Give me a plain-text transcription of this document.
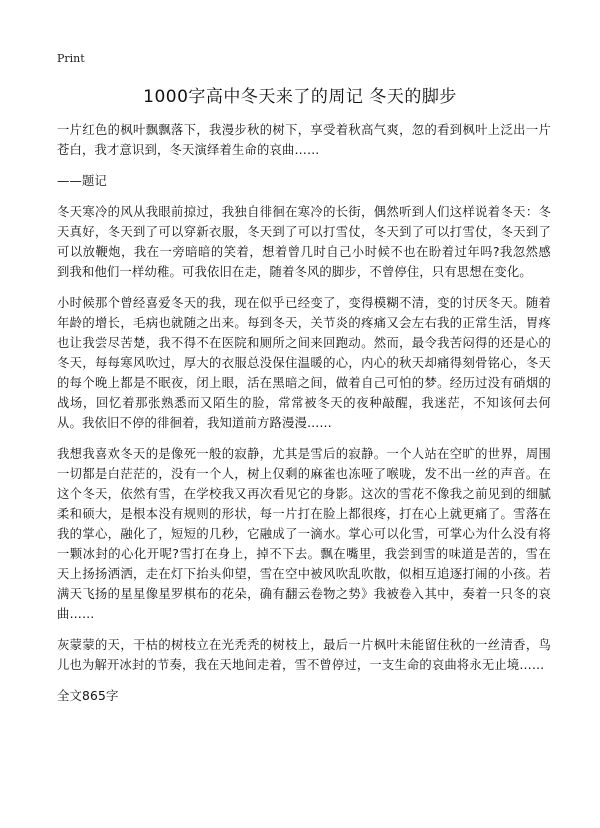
Print
1000字高中冬天来了的周记 冬天的脚步

一片红色的枫叶飘飘落下，我漫步秋的树下，享受着秋高气爽，忽的看到枫叶上泛出一片苍白，我才意识到，冬天演绎着生命的哀曲……

——题记

冬天寒冷的风从我眼前掠过，我独自徘徊在寒冷的长街，偶然听到人们这样说着冬天：冬天真好，冬天到了可以穿新衣服，冬天到了可以打雪仗，冬天到了可以打雪仗，冬天到了可以放鞭炮，我在一旁暗暗的笑着，想着曾几时自己小时候不也在盼着过年吗?我忽然感到我和他们一样幼稚。可我依旧在走，随着冬风的脚步，不曾停住，只有思想在变化。

小时候那个曾经喜爱冬天的我，现在似乎已经变了，变得模糊不清，变的讨厌冬天。随着年龄的增长，毛病也就随之出来。每到冬天，关节炎的疼痛又会左右我的正常生活，胃疼也让我尝尽苦楚，我不得不在医院和厕所之间来回跑动。然而，最令我苦闷得的还是心的冬天，每每寒风吹过，厚大的衣服总没保住温暖的心，内心的秋天却痛得刻骨铭心，冬天的每个晚上都是不眠夜，闭上眼，活在黑暗之间，做着自己可怕的梦。经历过没有硝烟的战场，回忆着那张熟悉而又陌生的脸，常常被冬天的夜种敲醒，我迷茫，不知该何去何从。我依旧不停的徘徊着，我知道前方路漫漫……

我想我喜欢冬天的是像死一般的寂静，尤其是雪后的寂静。一个人站在空旷的世界，周围一切都是白茫茫的，没有一个人，树上仅剩的麻雀也冻哑了喉咙，发不出一丝的声音。在这个冬天，依然有雪，在学校我又再次看见它的身影。这次的雪花不像我之前见到的细腻柔和硕大，是根本没有规则的形状，每一片打在脸上都很疼，打在心上就更痛了。雪落在我的掌心，融化了，短短的几秒，它融成了一滴水。掌心可以化雪，可掌心为什么没有将一颗冰封的心化开呢?雪打在身上，掉不下去。飘在嘴里，我尝到雪的味道是苦的，雪在天上扬扬洒洒，走在灯下抬头仰望，雪在空中被风吹乱吹散，似相互追逐打闹的小孩。若满天飞扬的星星像星罗棋布的花朵，确有翻云卷物之势》我被卷入其中，奏着一只冬的哀曲……

灰蒙蒙的天，干枯的树枝立在光秃秃的树枝上，最后一片枫叶未能留住秋的一丝清香，鸟儿也为解开冰封的节奏，我在天地间走着，雪不曾停过，一支生命的哀曲将永无止境……

全文865字
